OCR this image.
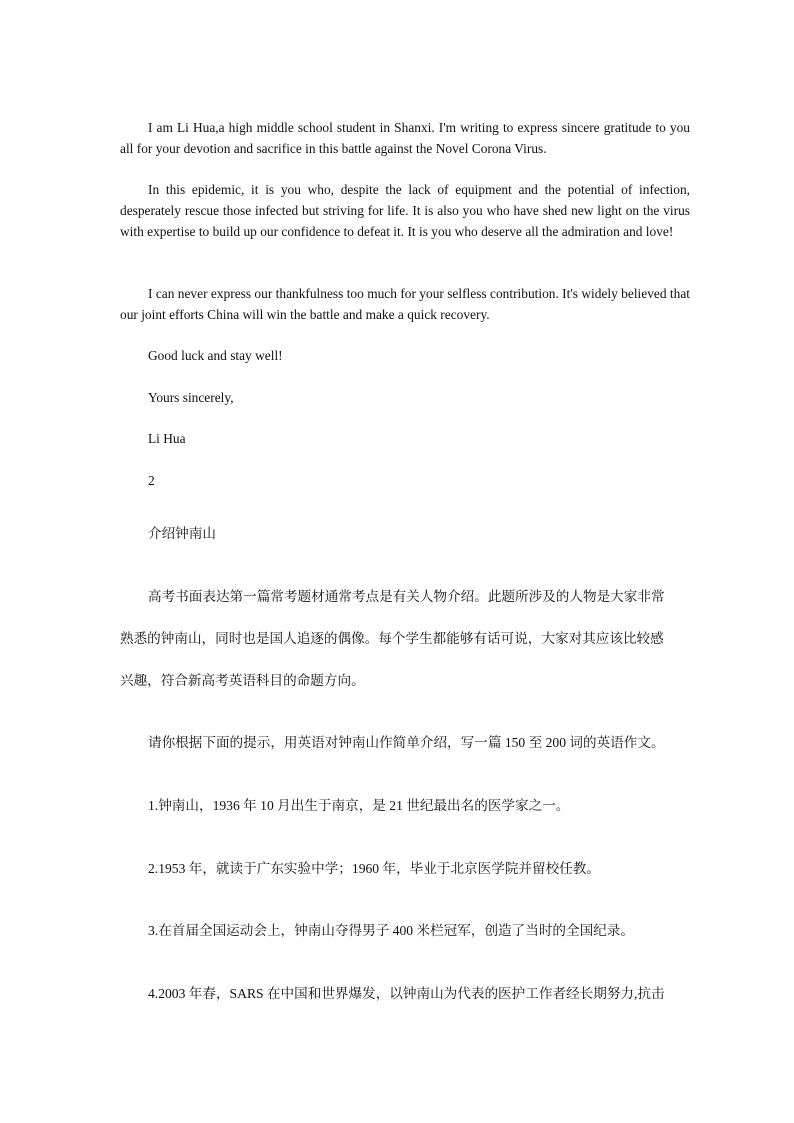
I am Li Hua,a high middle school student in Shanxi. I'm writing to express sincere gratitude to you all for your devotion and sacrifice in this battle against the Novel Corona Virus.

In this epidemic, it is you who, despite the lack of equipment and the potential of infection, desperately rescue those infected but striving for life. It is also you who have shed new light on the virus with expertise to build up our confidence to defeat it. It is you who deserve all the admiration and love!

I can never express our thankfulness too much for your selfless contribution. It's widely believed that our joint efforts China will win the battle and make a quick recovery.

Good luck and stay well!

Yours sincerely,

Li Hua

2

介绍钟南山

高考书面表达第一篇常考题材通常考点是有关人物介绍。此题所涉及的人物是大家非常
熟悉的钟南山，同时也是国人追逐的偶像。每个学生都能够有话可说，大家对其应该比较感
兴趣，符合新高考英语科目的命题方向。

请你根据下面的提示，用英语对钟南山作简单介绍，写一篇 150 至 200 词的英语作文。

1.钟南山，1936 年 10 月出生于南京，是 21 世纪最出名的医学家之一。

2.1953 年，就读于广东实验中学；1960 年，毕业于北京医学院并留校任教。

3.在首届全国运动会上，钟南山夺得男子 400 米栏冠军，创造了当时的全国纪录。

4.2003 年春，SARS 在中国和世界爆发，以钟南山为代表的医护工作者经长期努力,抗击
